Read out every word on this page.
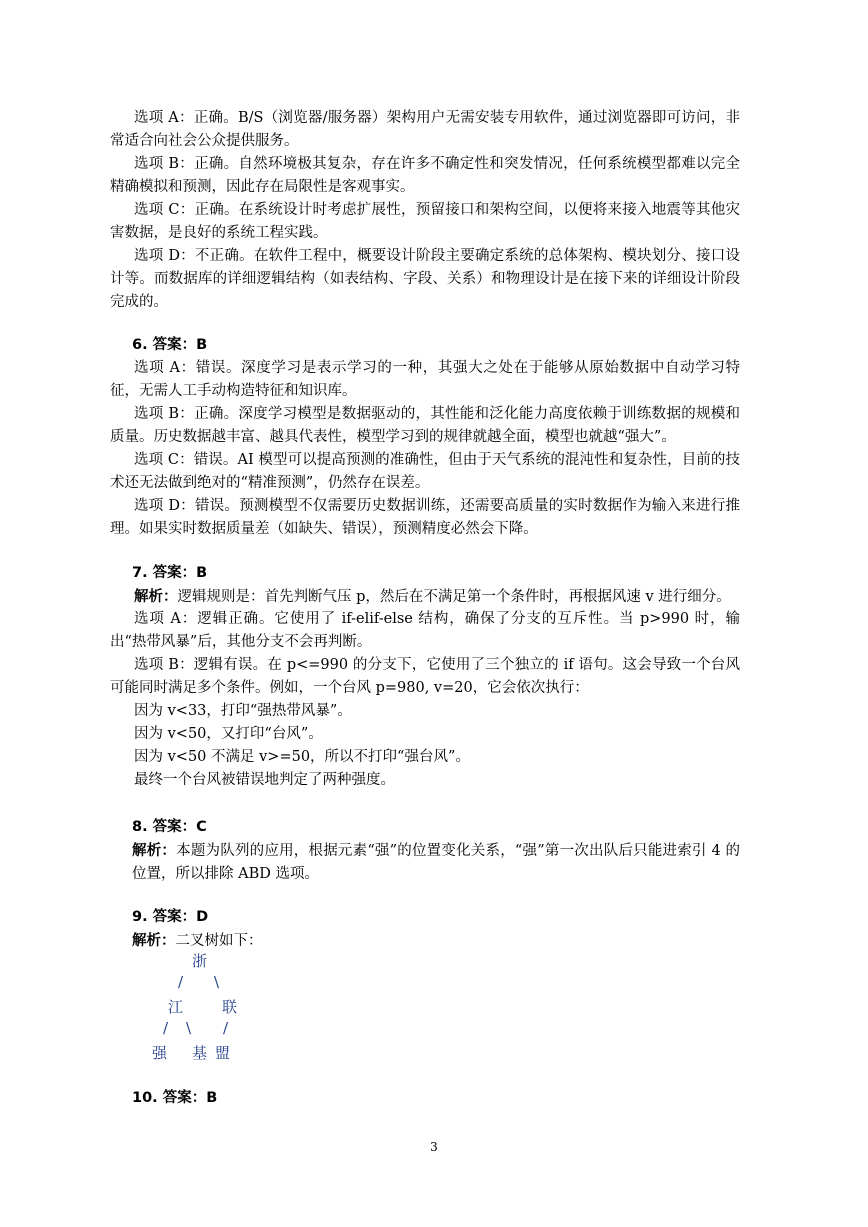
选项 A：正确。B/S（浏览器/服务器）架构用户无需安装专用软件，通过浏览器即可访问，非常适合向社会公众提供服务。
选项 B：正确。自然环境极其复杂，存在许多不确定性和突发情况，任何系统模型都难以完全精确模拟和预测，因此存在局限性是客观事实。
选项 C：正确。在系统设计时考虑扩展性，预留接口和架构空间，以便将来接入地震等其他灾害数据，是良好的系统工程实践。
选项 D：不正确。在软件工程中，概要设计阶段主要确定系统的总体架构、模块划分、接口设计等。而数据库的详细逻辑结构（如表结构、字段、关系）和物理设计是在接下来的详细设计阶段完成的。
6. 答案：B
选项 A：错误。深度学习是表示学习的一种，其强大之处在于能够从原始数据中自动学习特征，无需人工手动构造特征和知识库。
选项 B：正确。深度学习模型是数据驱动的，其性能和泛化能力高度依赖于训练数据的规模和质量。历史数据越丰富、越具代表性，模型学习到的规律就越全面，模型也就越“强大”。
选项 C：错误。AI 模型可以提高预测的准确性，但由于天气系统的混沌性和复杂性，目前的技术还无法做到绝对的“精准预测”，仍然存在误差。
选项 D：错误。预测模型不仅需要历史数据训练，还需要高质量的实时数据作为输入来进行推理。如果实时数据质量差（如缺失、错误），预测精度必然会下降。
7. 答案：B
解析：逻辑规则是：首先判断气压 p，然后在不满足第一个条件时，再根据风速 v 进行细分。
选项 A：逻辑正确。它使用了 if-elif-else 结构，确保了分支的互斥性。当 p>990 时，输出“热带风暴”后，其他分支不会再判断。
选项 B：逻辑有误。在 p<=990 的分支下，它使用了三个独立的 if 语句。这会导致一个台风可能同时满足多个条件。例如，一个台风 p=980, v=20，它会依次执行：
因为 v<33，打印“强热带风暴”。
因为 v<50，又打印“台风”。
因为 v<50 不满足 v>=50，所以不打印“强台风”。
最终一个台风被错误地判定了两种强度。
8. 答案：C
解析：本题为队列的应用，根据元素“强”的位置变化关系，“强”第一次出队后只能进索引 4 的位置，所以排除 ABD 选项。
9. 答案：D
解析：二叉树如下：
浙
/ \
江	联
/ \ /
强 基 盟
10. 答案：B
3
